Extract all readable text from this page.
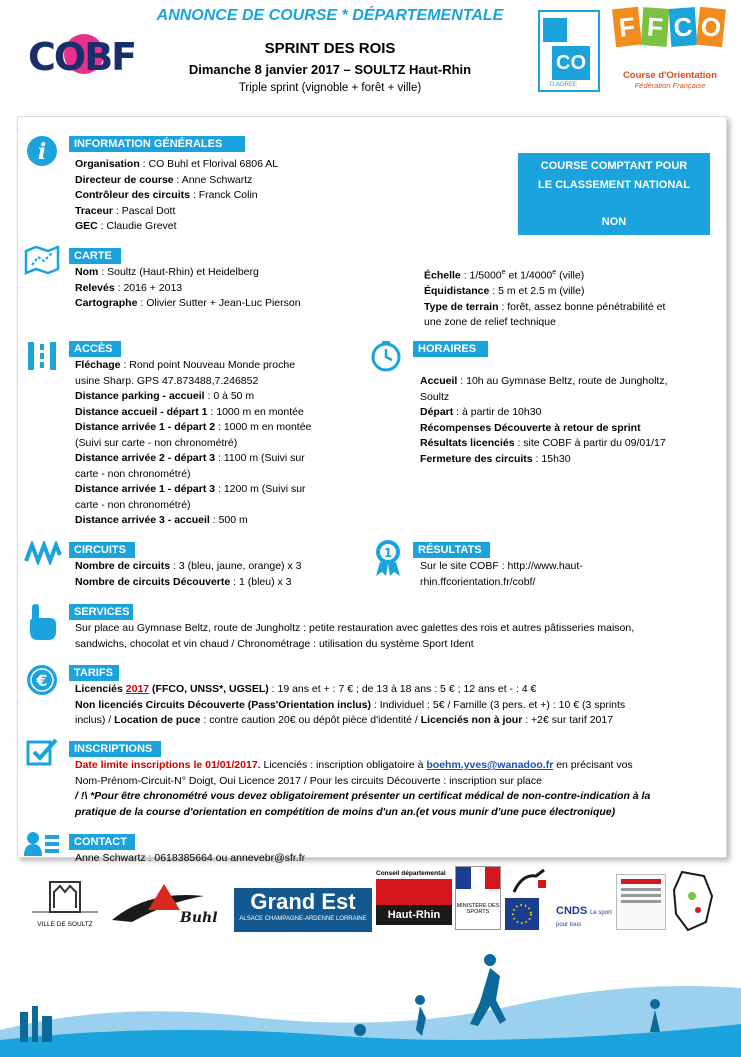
COBF
ANNONCE DE COURSE * DÉPARTEMENTALE
SPRINT DES ROIS
Dimanche 8 janvier 2017 – SOULTZ Haut-Rhin
Triple sprint (vignoble + forêt + ville)
CO
D.AGREE
F F C O
Course d'Orientation
Fédération Française
COURSE COMPTANT POUR
LE CLASSEMENT NATIONAL
NON
i	INFORMATION GÉNÉRALES
Organisation : CO Buhl et Florival 6806 AL
Directeur de course : Anne Schwartz
Contrôleur des circuits : Franck Colin
Traceur : Pascal Dott
GEC : Claudie Grevet
CARTE
Nom : Soultz (Haut-Rhin) et Heidelberg
Relevés : 2016 + 2013
Cartographe : Olivier Sutter + Jean-Luc Pierson
Échelle : 1/5000e et 1/4000e (ville)
Équidistance : 5 m et 2.5 m (ville)
Type de terrain : forêt, assez bonne pénétrabilité et
une zone de relief technique
ACCÈS
Fléchage : Rond point Nouveau Monde proche
usine Sharp. GPS 47.873488,7.246852
Distance parking - accueil : 0 à 50 m
Distance accueil - départ 1 : 1000 m en montée
Distance arrivée 1 - départ 2 : 1000 m en montée
(Suivi sur carte - non chronométré)
Distance arrivée 2 - départ 3 : 1100 m (Suivi sur
carte - non chronométré)
Distance arrivée 1 - départ 3 : 1200 m (Suivi sur
carte - non chronométré)
Distance arrivée 3 - accueil : 500 m
HORAIRES
Accueil : 10h au Gymnase Beltz, route de Jungholtz,
Soultz
Départ : à partir de 10h30
Récompenses Découverte à retour de sprint
Résultats licenciés : site COBF à partir du 09/01/17
Fermeture des circuits : 15h30
CIRCUITS
Nombre de circuits : 3 (bleu, jaune, orange) x 3
Nombre de circuits Découverte : 1 (bleu) x 3
1	RÉSULTATS
Sur le site COBF : http://www.haut-
rhin.ffcorientation.fr/cobf/
SERVICES
Sur place au Gymnase Beltz, route de Jungholtz : petite restauration avec galettes des rois et autres pâtisseries maison,
sandwichs, chocolat et vin chaud / Chronométrage : utilisation du système Sport Ident
€	TARIFS
Licenciés 2017 (FFCO, UNSS*, UGSEL) : 19 ans et + : 7 € ; de 13 à 18 ans : 5 € ; 12 ans et - : 4 €
Non licenciés Circuits Découverte (Pass'Orientation inclus) : Individuel : 5€ / Famille (3 pers. et +) : 10 € (3 sprints
inclus) / Location de puce : contre caution 20€ ou dépôt pièce d'identité / Licenciés non à jour : +2€ sur tarif 2017
INSCRIPTIONS
Date limite inscriptions le 01/01/2017. Licenciés : inscription obligatoire à boehm.yves@wanadoo.fr en précisant vos
Nom-Prénom-Circuit-N° Doigt, Oui Licence 2017 / Pour les circuits Découverte : inscription sur place
/ !\ *Pour être chronométré vous devez obligatoirement présenter un certificat médical de non-contre-indication à la
pratique de la course d'orientation en compétition de moins d'un an.(et vous munir d'une puce électronique)
CONTACT
Anne Schwartz : 0618385664 ou annevebr@sfr.fr
VILLE DE SOULTZ	Buhl
Grand Est
ALSACE CHAMPAGNE-ARDENNE LORRAINE
Conseil départemental
Haut-Rhin
MINISTÈRE DES SPORTS	CNDS Le sport pour tous
